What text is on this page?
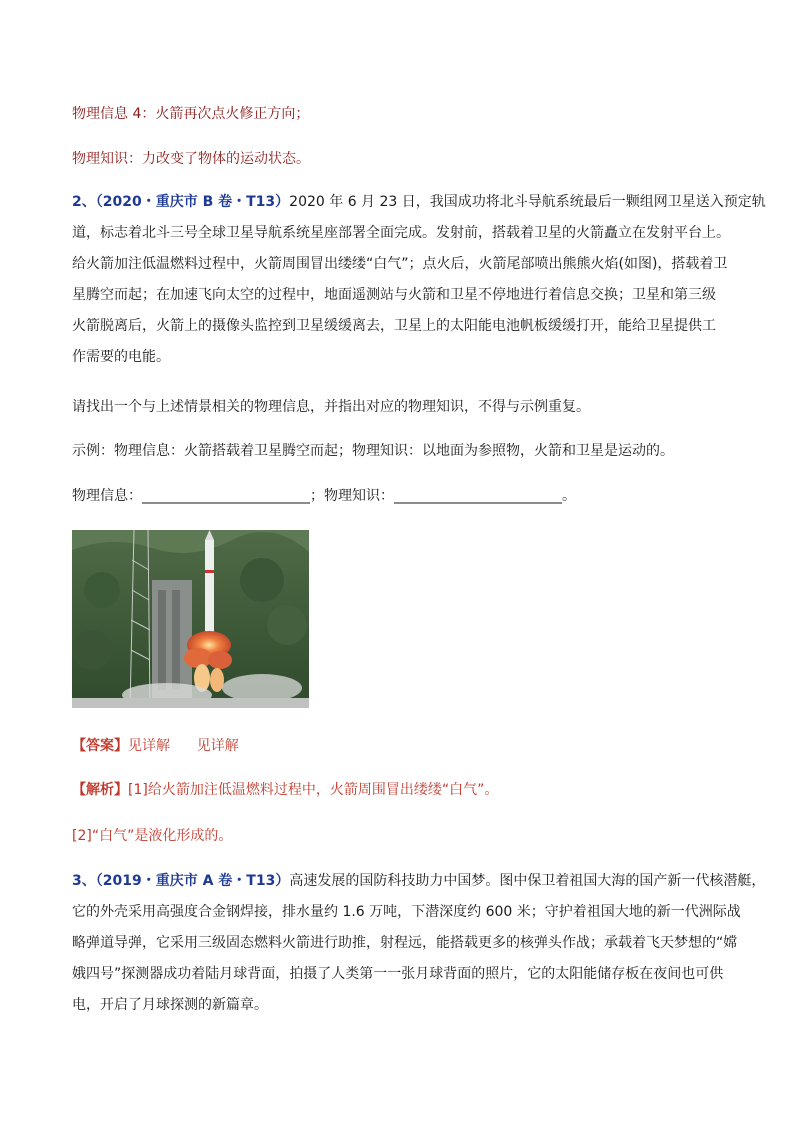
物理信息 4：火箭再次点火修正方向；
物理知识：力改变了物体的运动状态。
2、（2020・重庆市 B 卷・T13）2020 年 6 月 23 日，我国成功将北斗导航系统最后一颗组网卫星送入预定轨
道，标志着北斗三号全球卫星导航系统星座部署全面完成。发射前，搭载着卫星的火箭矗立在发射平台上。
给火箭加注低温燃料过程中，火箭周围冒出缕缕“白气”；点火后，火箭尾部喷出熊熊火焰(如图)，搭载着卫
星腾空而起；在加速飞向太空的过程中，地面遥测站与火箭和卫星不停地进行着信息交换；卫星和第三级
火箭脱离后，火箭上的摄像头监控到卫星缓缓离去，卫星上的太阳能电池帆板缓缓打开，能给卫星提供工
作需要的电能。
请找出一个与上述情景相关的物理信息，并指出对应的物理知识，不得与示例重复。
示例：物理信息：火箭搭载着卫星腾空而起；物理知识：以地面为参照物，火箭和卫星是运动的。
物理信息：________________________；物理知识：________________________。
【答案】见详解      见详解
【解析】[1]给火箭加注低温燃料过程中，火箭周围冒出缕缕“白气”。
[2]“白气”是液化形成的。
3、（2019・重庆市 A 卷・T13）高速发展的国防科技助力中国梦。图中保卫着祖国大海的国产新一代核潜艇，
它的外壳采用高强度合金钢焊接，排水量约 1.6 万吨，下潜深度约 600 米；守护着祖国大地的新一代洲际战
略弹道导弹，它采用三级固态燃料火箭进行助推，射程远，能搭载更多的核弹头作战；承载着飞天梦想的“嫦
娥四号”探测器成功着陆月球背面，拍摄了人类第一一张月球背面的照片，它的太阳能储存板在夜间也可供
电，开启了月球探测的新篇章。
